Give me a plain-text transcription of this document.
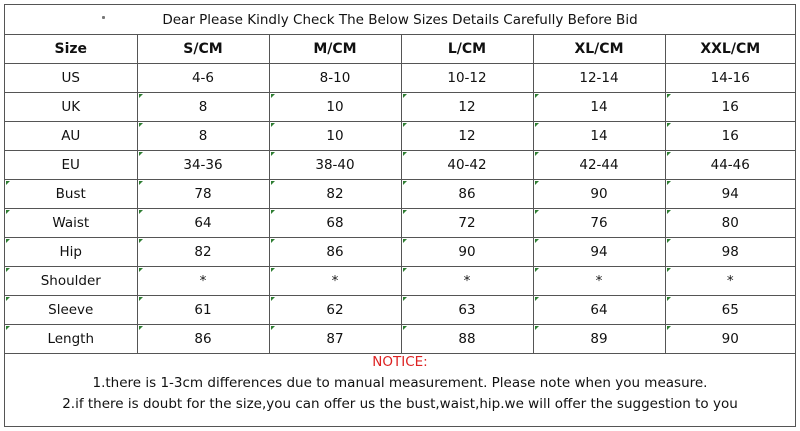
Dear Please Kindly Check The Below Sizes Details Carefully Before Bid
Size	S/CM	M/CM	L/CM	XL/CM	XXL/CM
US	4-6	8-10	10-12	12-14	14-16
UK	8	10	12	14	16
AU	8	10	12	14	16
EU	34-36	38-40	40-42	42-44	44-46
Bust	78	82	86	90	94
Waist	64	68	72	76	80
Hip	82	86	90	94	98
Shoulder	*	*	*	*	*
Sleeve	61	62	63	64	65
Length	86	87	88	89	90
NOTICE:
1.there is 1-3cm differences due to manual measurement. Please note when you measure.
2.if there is doubt for the size,you can offer us the bust,waist,hip.we will offer the suggestion to you
